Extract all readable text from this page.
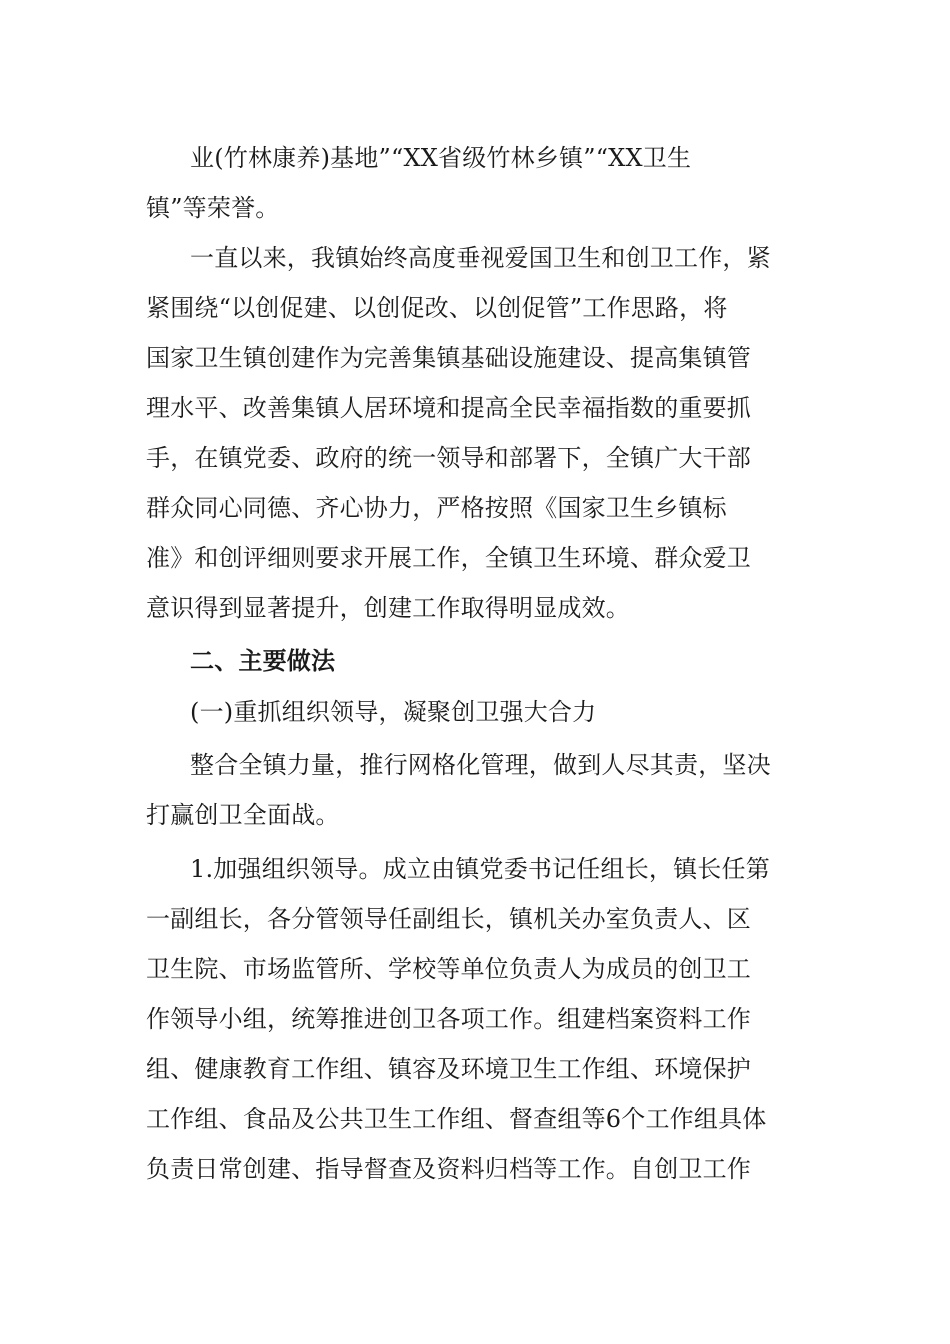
业(竹林康养)基地”“XX省级竹林乡镇”“XX卫生
镇”等荣誉。
一直以来，我镇始终高度垂视爱国卫生和创卫工作，紧
紧围绕“以创促建、以创促改、以创促管”工作思路，将
国家卫生镇创建作为完善集镇基础设施建设、提高集镇管
理水平、改善集镇人居环境和提高全民幸福指数的重要抓
手，在镇党委、政府的统一领导和部署下，全镇广大干部
群众同心同德、齐心协力，严格按照《国家卫生乡镇标
准》和创评细则要求开展工作，全镇卫生环境、群众爱卫
意识得到显著提升，创建工作取得明显成效。
二、主要做法
(一)重抓组织领导，凝聚创卫强大合力
整合全镇力量，推行网格化管理，做到人尽其责，坚决
打赢创卫全面战。
1.加强组织领导。成立由镇党委书记任组长，镇长任第
一副组长，各分管领导任副组长，镇机关办室负责人、区
卫生院、市场监管所、学校等单位负责人为成员的创卫工
作领导小组，统筹推进创卫各项工作。组建档案资料工作
组、健康教育工作组、镇容及环境卫生工作组、环境保护
工作组、食品及公共卫生工作组、督查组等6个工作组具体
负责日常创建、指导督查及资料归档等工作。自创卫工作
